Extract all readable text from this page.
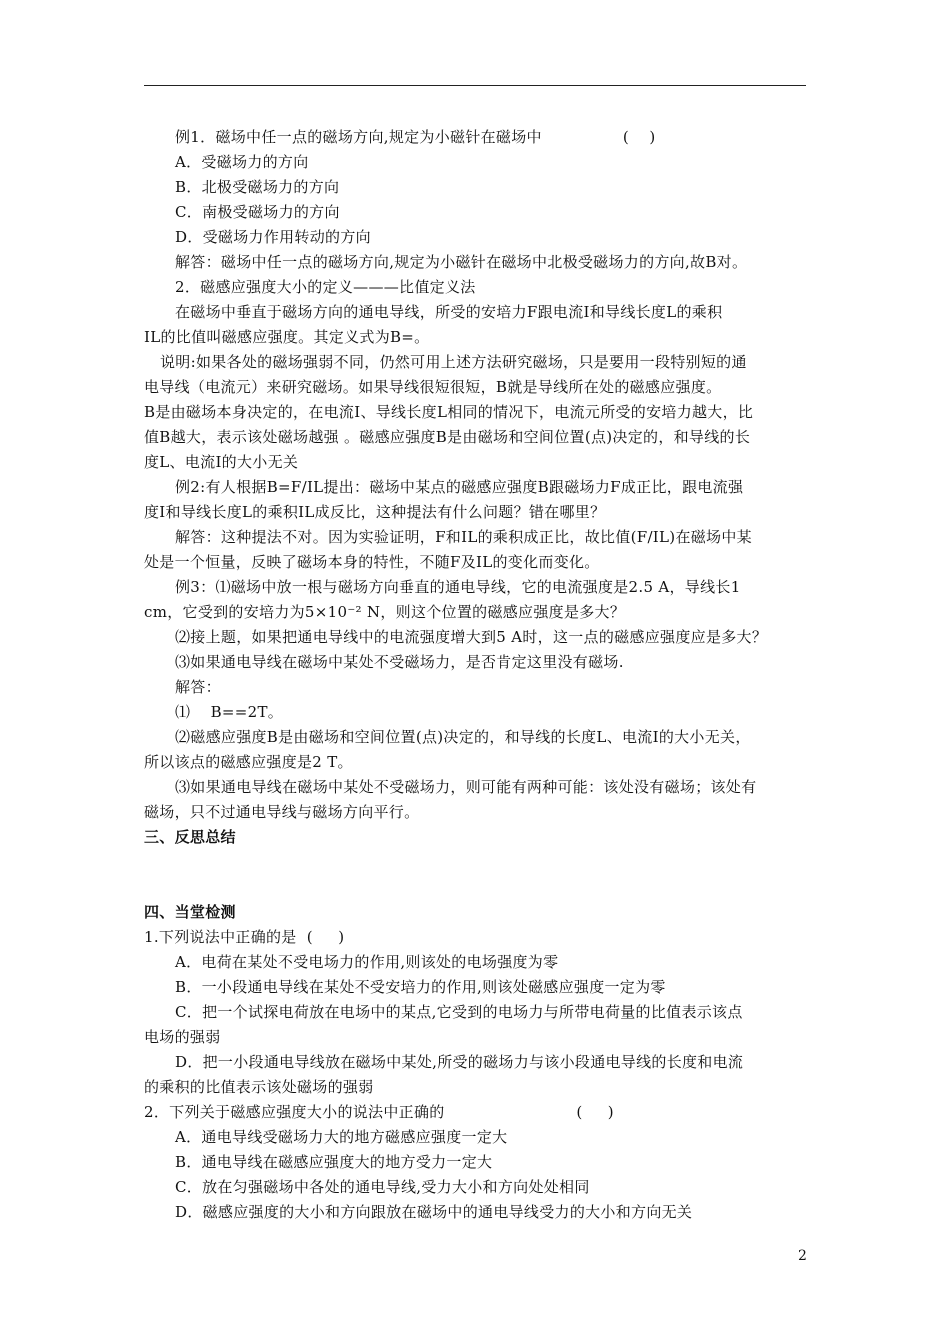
例1．磁场中任一点的磁场方向,规定为小磁针在磁场中                (    )
A．受磁场力的方向
B．北极受磁场力的方向
C．南极受磁场力的方向
D．受磁场力作用转动的方向
解答：磁场中任一点的磁场方向,规定为小磁针在磁场中北极受磁场力的方向,故B对。
2．磁感应强度大小的定义———比值定义法
在磁场中垂直于磁场方向的通电导线，所受的安培力F跟电流I和导线长度L的乘积
IL的比值叫磁感应强度。其定义式为B=。
说明:如果各处的磁场强弱不同，仍然可用上述方法研究磁场，只是要用一段特别短的通
电导线（电流元）来研究磁场。如果导线很短很短，B就是导线所在处的磁感应强度。
B是由磁场本身决定的，在电流I、导线长度L相同的情况下，电流元所受的安培力越大，比
值B越大，表示该处磁场越强 。磁感应强度B是由磁场和空间位置(点)决定的，和导线的长
度L、电流I的大小无关
例2:有人根据B=F/IL提出：磁场中某点的磁感应强度B跟磁场力F成正比，跟电流强
度I和导线长度L的乘积IL成反比，这种提法有什么问题？错在哪里？
解答：这种提法不对。因为实验证明，F和IL的乘积成正比，故比值(F/IL)在磁场中某
处是一个恒量，反映了磁场本身的特性，不随F及IL的变化而变化。
例3：⑴磁场中放一根与磁场方向垂直的通电导线，它的电流强度是2.5 A，导线长1
cm，它受到的安培力为5×10⁻² N，则这个位置的磁感应强度是多大？
⑵接上题，如果把通电导线中的电流强度增大到5 A时，这一点的磁感应强度应是多大？
⑶如果通电导线在磁场中某处不受磁场力，是否肯定这里没有磁场.
解答：
⑴    B==2T。
⑵磁感应强度B是由磁场和空间位置(点)决定的，和导线的长度L、电流I的大小无关，
所以该点的磁感应强度是2 T。
⑶如果通电导线在磁场中某处不受磁场力，则可能有两种可能：该处没有磁场；该处有
磁场，只不过通电导线与磁场方向平行。
三、反思总结
四、当堂检测
1.下列说法中正确的是  (     )
A．电荷在某处不受电场力的作用,则该处的电场强度为零
B．一小段通电导线在某处不受安培力的作用,则该处磁感应强度一定为零
C．把一个试探电荷放在电场中的某点,它受到的电场力与所带电荷量的比值表示该点
电场的强弱
D．把一小段通电导线放在磁场中某处,所受的磁场力与该小段通电导线的长度和电流
的乘积的比值表示该处磁场的强弱
2．下列关于磁感应强度大小的说法中正确的                          (     )
A．通电导线受磁场力大的地方磁感应强度一定大
B．通电导线在磁感应强度大的地方受力一定大
C．放在匀强磁场中各处的通电导线,受力大小和方向处处相同
D．磁感应强度的大小和方向跟放在磁场中的通电导线受力的大小和方向无关
2
